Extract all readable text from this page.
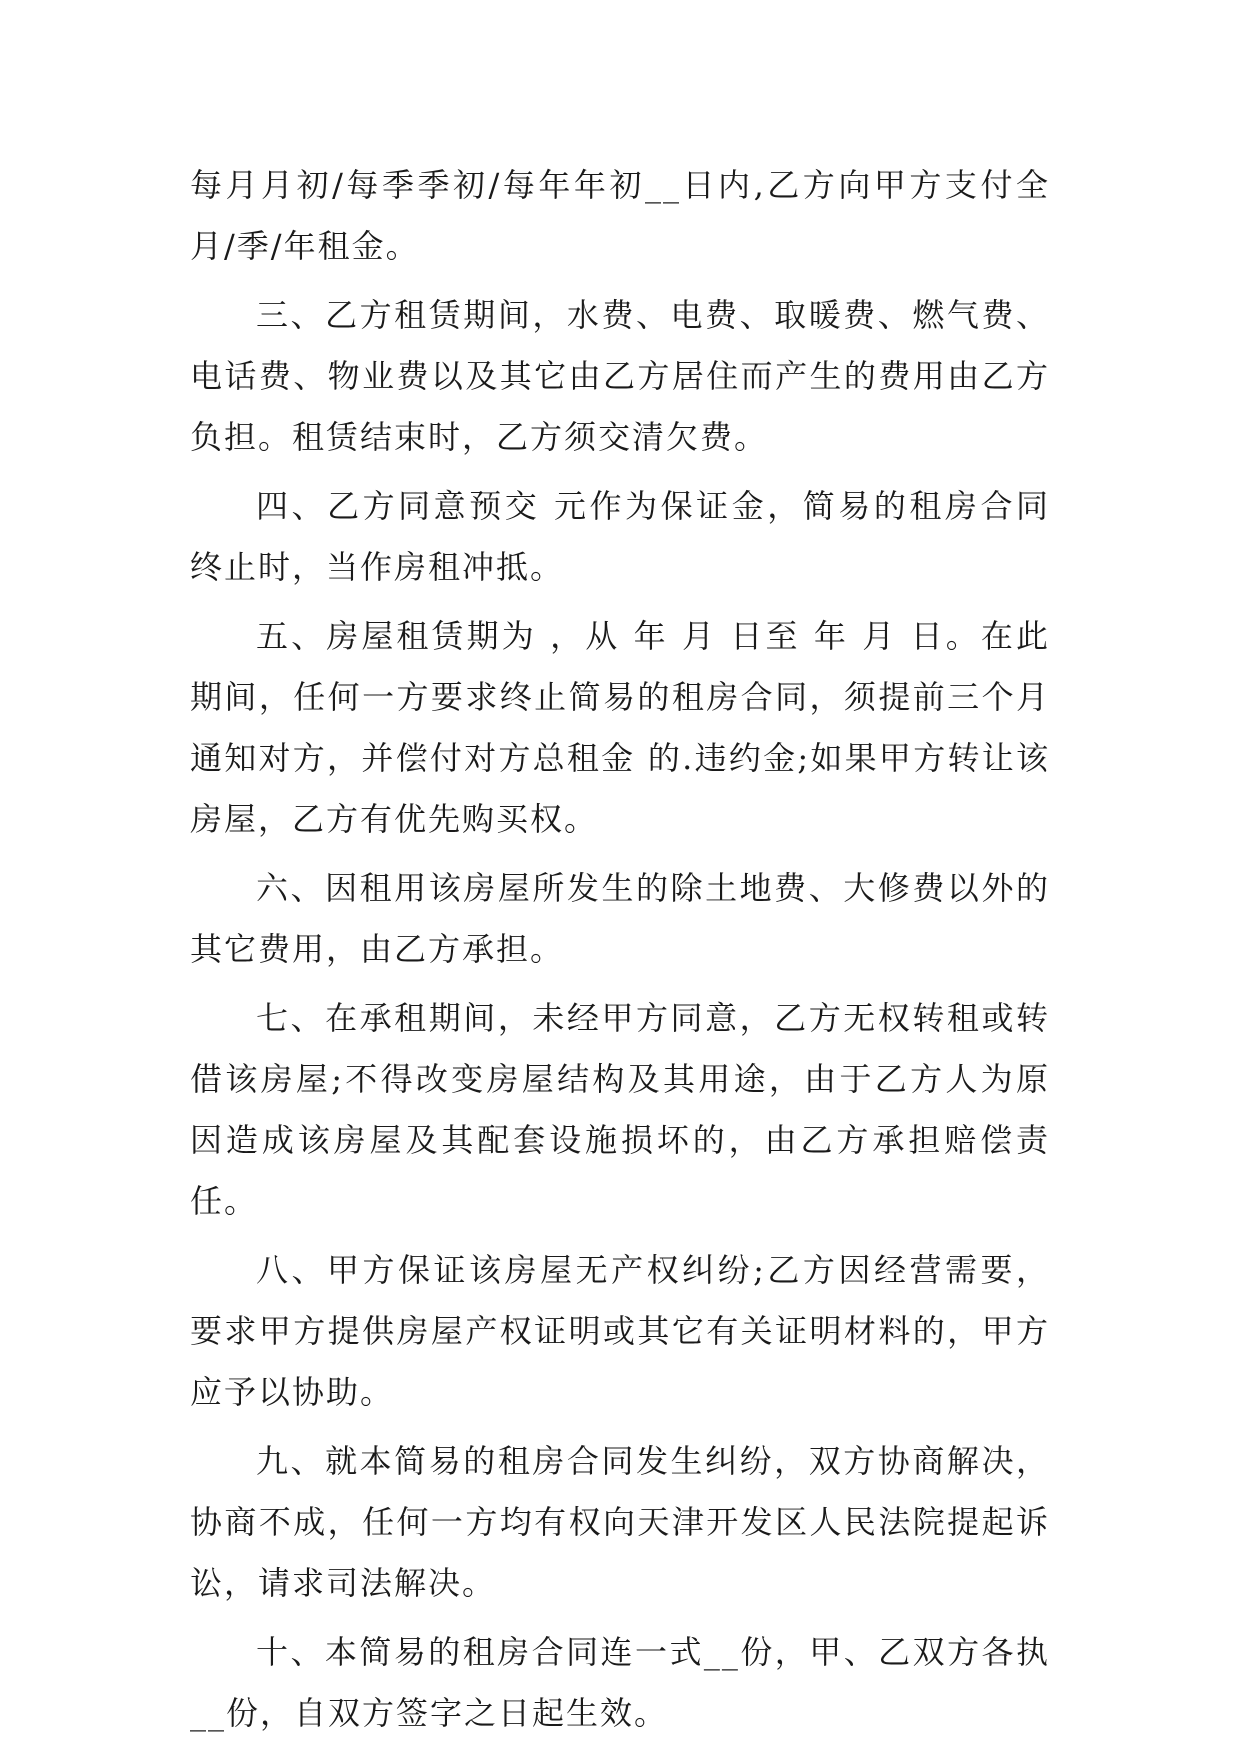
每月月初/每季季初/每年年初__日内,乙方向甲方支付全月/季/年租金。

三、乙方租赁期间，水费、电费、取暖费、燃气费、电话费、物业费以及其它由乙方居住而产生的费用由乙方负担。租赁结束时，乙方须交清欠费。

四、乙方同意预交 元作为保证金，简易的租房合同终止时，当作房租冲抵。

五、房屋租赁期为 ，从 年 月 日至 年 月 日。在此期间，任何一方要求终止简易的租房合同，须提前三个月通知对方，并偿付对方总租金 的.违约金;如果甲方转让该房屋，乙方有优先购买权。

六、因租用该房屋所发生的除土地费、大修费以外的其它费用，由乙方承担。

七、在承租期间，未经甲方同意，乙方无权转租或转借该房屋;不得改变房屋结构及其用途，由于乙方人为原因造成该房屋及其配套设施损坏的，由乙方承担赔偿责任。

八、甲方保证该房屋无产权纠纷;乙方因经营需要，要求甲方提供房屋产权证明或其它有关证明材料的，甲方应予以协助。

九、就本简易的租房合同发生纠纷，双方协商解决，协商不成，任何一方均有权向天津开发区人民法院提起诉讼，请求司法解决。

十、本简易的租房合同连一式__份，甲、乙双方各执__份，自双方签字之日起生效。
